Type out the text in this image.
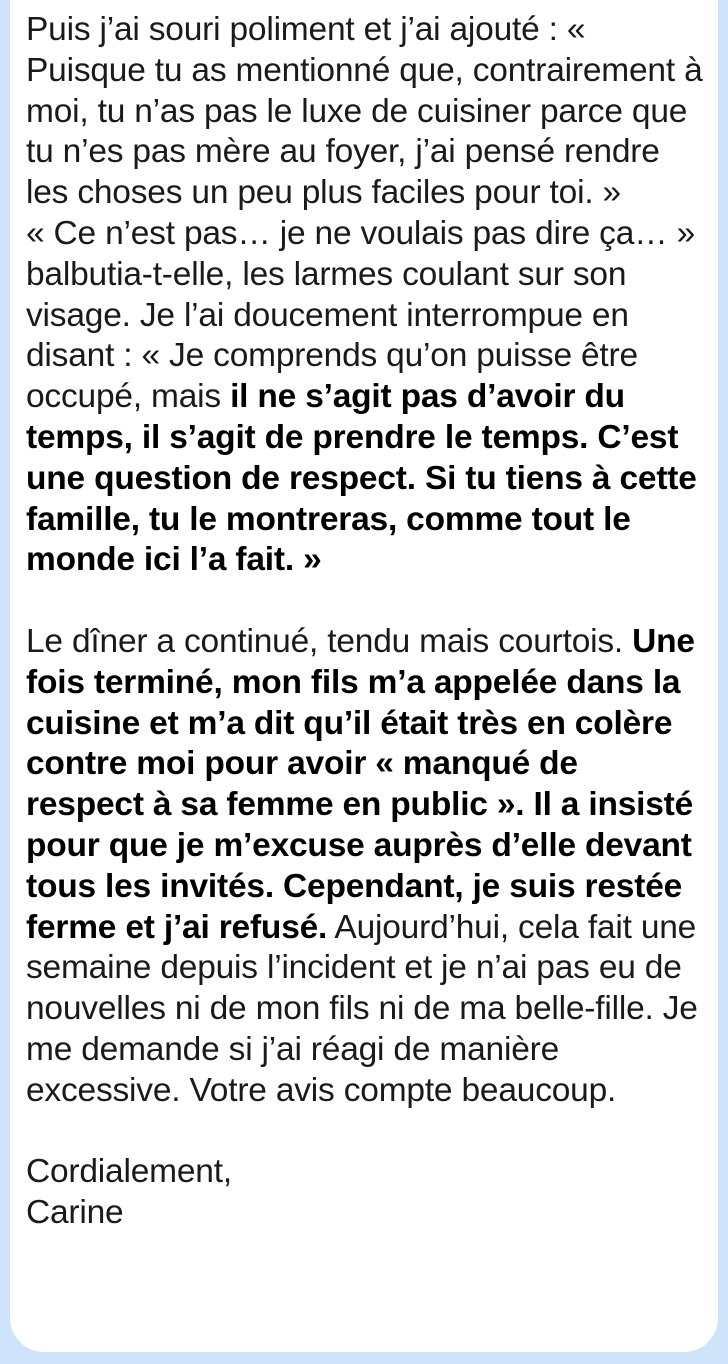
Puis j’ai souri poliment et j’ai ajouté : « Puisque tu as mentionné que, contrairement à moi, tu n’as pas le luxe de cuisiner parce que tu n’es pas mère au foyer, j’ai pensé rendre les choses un peu plus faciles pour toi. »

« Ce n’est pas… je ne voulais pas dire ça… » balbutia-t-elle, les larmes coulant sur son visage. Je l’ai doucement interrompue en disant : « Je comprends qu’on puisse être occupé, mais il ne s’agit pas d’avoir du temps, il s’agit de prendre le temps. C’est une question de respect. Si tu tiens à cette famille, tu le montreras, comme tout le monde ici l’a fait. »

Le dîner a continué, tendu mais courtois. Une fois terminé, mon fils m’a appelée dans la cuisine et m’a dit qu’il était très en colère contre moi pour avoir « manqué de respect à sa femme en public ». Il a insisté pour que je m’excuse auprès d’elle devant tous les invités. Cependant, je suis restée ferme et j’ai refusé. Aujourd’hui, cela fait une semaine depuis l’incident et je n’ai pas eu de nouvelles ni de mon fils ni de ma belle-fille. Je me demande si j’ai réagi de manière excessive. Votre avis compte beaucoup.

Cordialement,

Carine
